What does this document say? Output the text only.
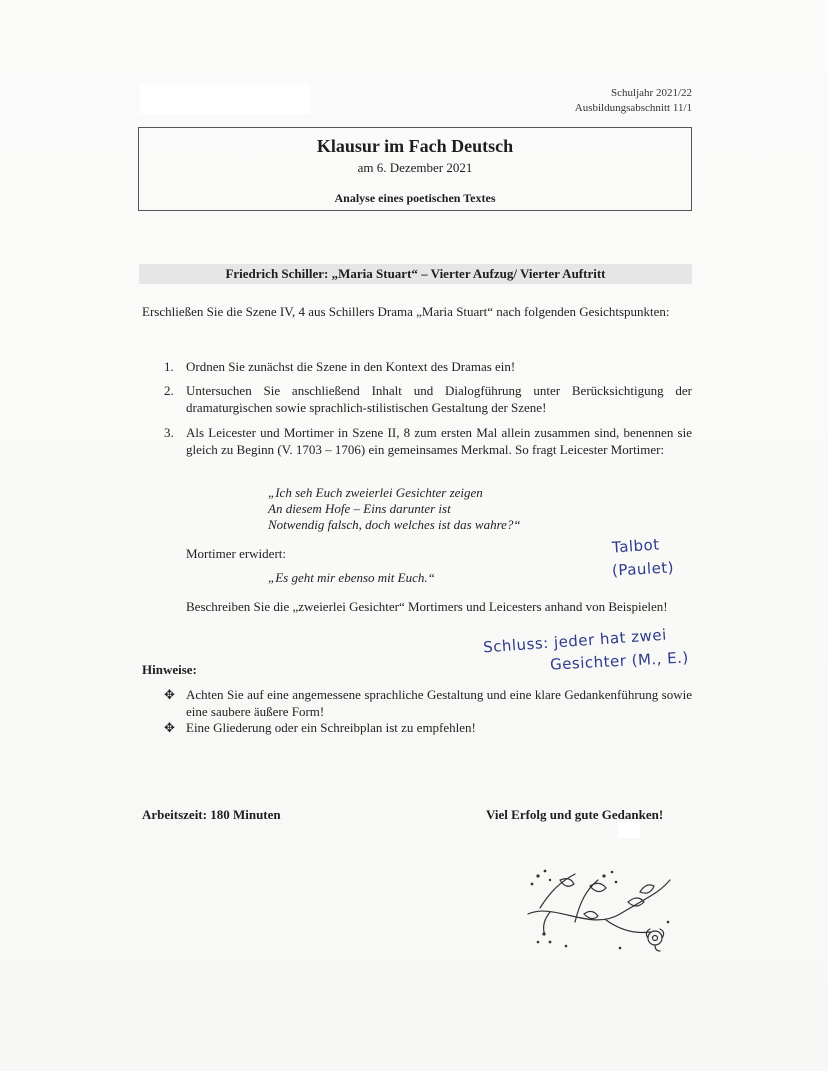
Schuljahr 2021/22
Ausbildungsabschnitt 11/1
Klausur im Fach Deutsch
am 6. Dezember 2021
Analyse eines poetischen Textes
Friedrich Schiller: „Maria Stuart“ – Vierter Aufzug/ Vierter Auftritt
Erschließen Sie die Szene IV, 4 aus Schillers Drama „Maria Stuart“ nach folgenden Gesichtspunkten:
1. Ordnen Sie zunächst die Szene in den Kontext des Dramas ein!
2. Untersuchen Sie anschließend Inhalt und Dialogführung unter Berücksichtigung der dramaturgischen sowie sprachlich-stilistischen Gestaltung der Szene!
3. Als Leicester und Mortimer in Szene II, 8 zum ersten Mal allein zusammen sind, benennen sie gleich zu Beginn (V. 1703 – 1706) ein gemeinsames Merkmal. So fragt Leicester Mortimer:
„Ich seh Euch zweierlei Gesichter zeigen
An diesem Hofe – Eins darunter ist
Notwendig falsch, doch welches ist das wahre?“
Mortimer erwidert:
„Es geht mir ebenso mit Euch.“
Beschreiben Sie die „zweierlei Gesichter“ Mortimers und Leicesters anhand von Beispielen!
Hinweise:
✥ Achten Sie auf eine angemessene sprachliche Gestaltung und eine klare Gedankenführung sowie eine saubere äußere Form!
✥ Eine Gliederung oder ein Schreibplan ist zu empfehlen!
Arbeitszeit: 180 Minuten	Viel Erfolg und gute Gedanken!
Talbot
(Paulet)
Schluss: jeder hat zwei
Gesichter (M., E.)
